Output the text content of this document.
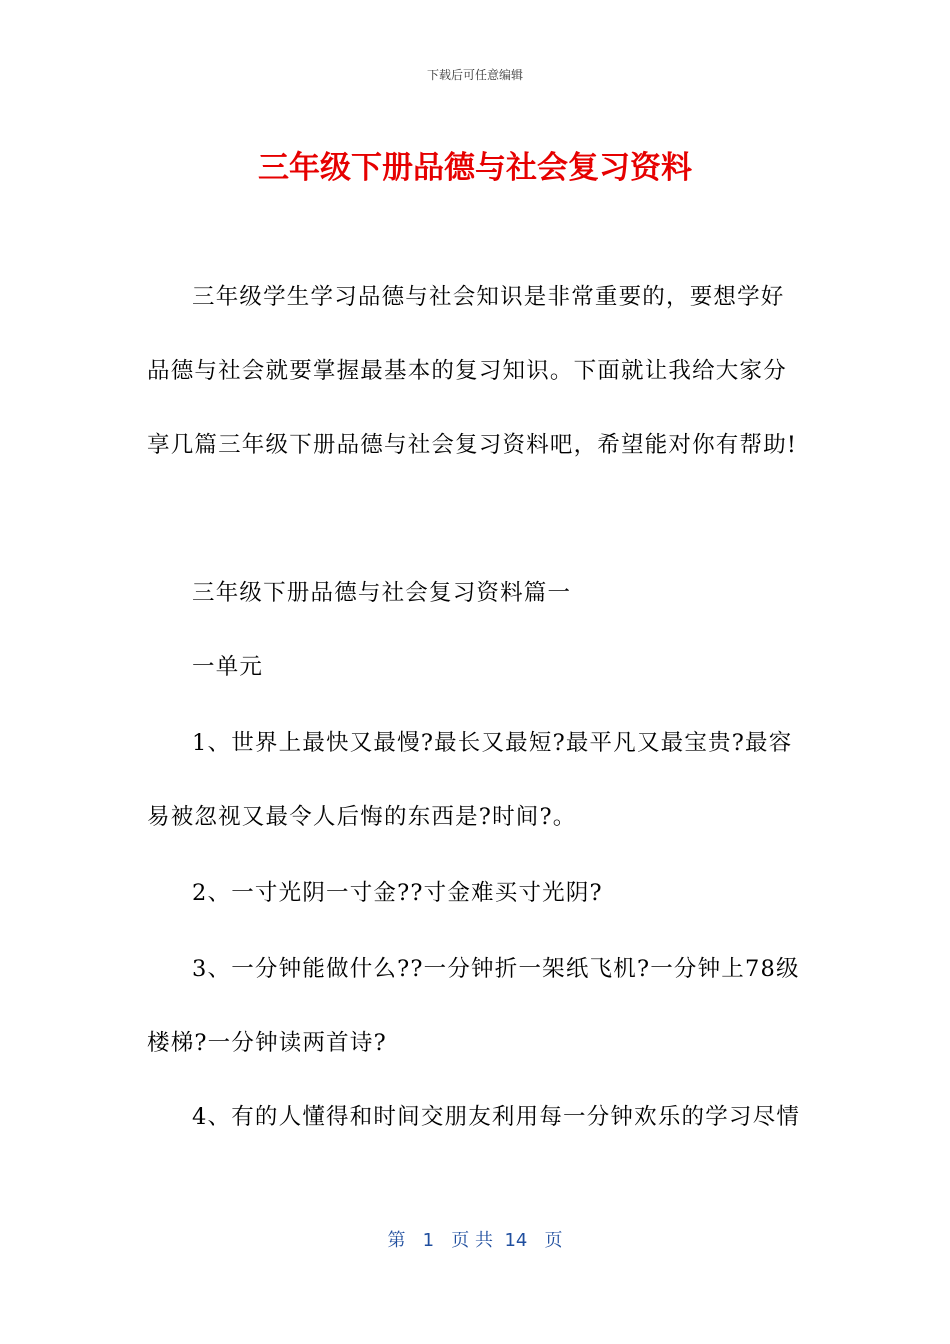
下载后可任意编辑
三年级下册品德与社会复习资料
三年级学生学习品德与社会知识是非常重要的，要想学好
品德与社会就要掌握最基本的复习知识。下面就让我给大家分
享几篇三年级下册品德与社会复习资料吧，希望能对你有帮助!
三年级下册品德与社会复习资料篇一
一单元
1、世界上最快又最慢?最长又最短?最平凡又最宝贵?最容
易被忽视又最令人后悔的东西是?时间?。
2、一寸光阴一寸金??寸金难买寸光阴?
3、一分钟能做什么??一分钟折一架纸飞机?一分钟上78级
楼梯?一分钟读两首诗?
4、有的人懂得和时间交朋友利用每一分钟欢乐的学习尽情
第 1 页 共 14 页
